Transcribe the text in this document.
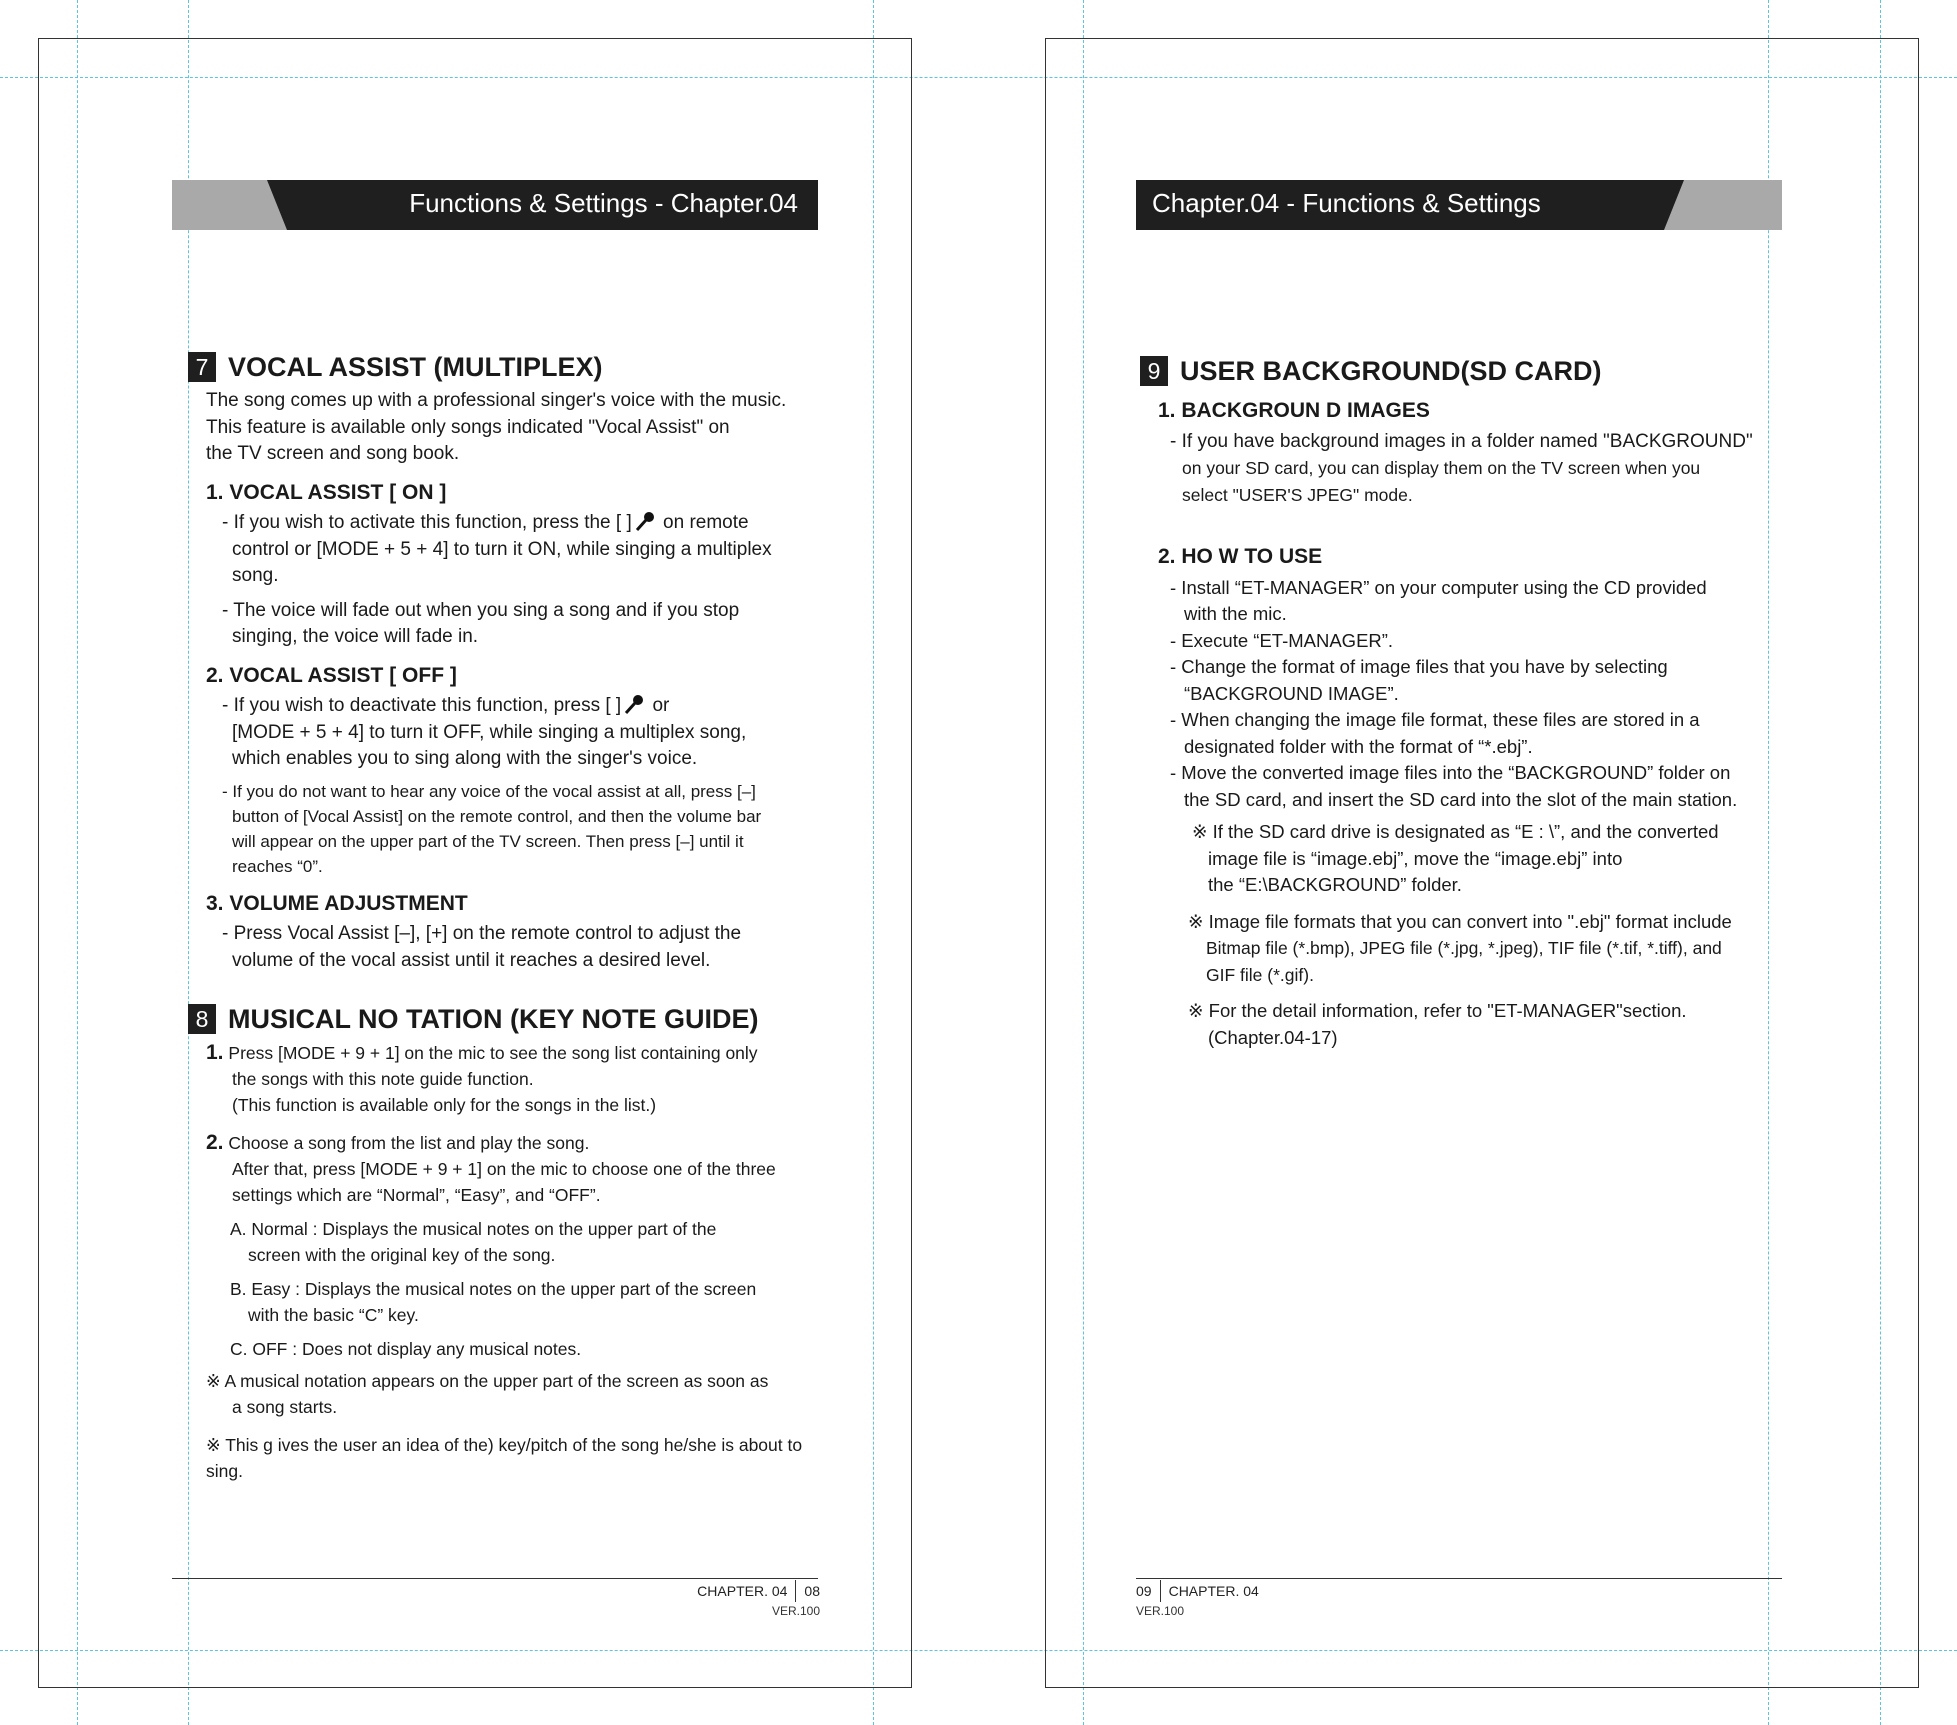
Functions & Settings - Chapter.04
7 VOCAL ASSIST (MULTIPLEX)

The song comes up with a professional singer's voice with the music.

This feature is available only songs indicated "Vocal Assist" on

the TV screen and song book.

1. VOCAL ASSIST [ ON ]

- If you wish to activate this function, press the [ ] on remote

control or [MODE + 5 + 4] to turn it ON, while singing a multiplex

song.

- The voice will fade out when you sing a song and if you stop

singing, the voice will fade in.

2. VOCAL ASSIST [ OFF ]

- If you wish to deactivate this function, press [ ] or

[MODE + 5 + 4] to turn it OFF, while singing a multiplex song,

which enables you to sing along with the singer's voice.

- If you do not want to hear any voice of the vocal assist at all, press [–]

button of [Vocal Assist] on the remote control, and then the volume bar

will appear on the upper part of the TV screen. Then press [–] until it

reaches “0”.

3. VOLUME ADJUSTMENT

- Press Vocal Assist [–], [+] on the remote control to adjust the

volume of the vocal assist until it reaches a desired level.

8 MUSICAL NO TATION (KEY NOTE GUIDE)

1. Press [MODE + 9 + 1] on the mic to see the song list containing only

the songs with this note guide function.

(This function is available only for the songs in the list.)

2. Choose a song from the list and play the song.

After that, press [MODE + 9 + 1] on the mic to choose one of the three

settings which are “Normal”, “Easy”, and “OFF”.

A. Normal : Displays the musical notes on the upper part of the

screen with the original key of the song.

B. Easy : Displays the musical notes on the upper part of the screen

with the basic “C” key.

C. OFF : Does not display any musical notes.

※ A musical notation appears on the upper part of the screen as soon as

a song starts.

※ This g ives the user an idea of the) key/pitch of the song he/she is about to sing.

CHAPTER. 04 08
VER.100
Chapter.04 - Functions & Settings
9 USER BACKGROUND(SD CARD)
1. BACKGROUN D IMAGES

- If you have background images in a folder named "BACKGROUND"

on your SD card, you can display them on the TV screen when you

select "USER'S JPEG" mode.

2. HO W TO USE

- Install “ET-MANAGER” on your computer using the CD provided

with the mic.

- Execute “ET-MANAGER”.

- Change the format of image files that you have by selecting

“BACKGROUND IMAGE”.

- When changing the image file format, these files are stored in a

designated folder with the format of “*.ebj”.

- Move the converted image files into the “BACKGROUND” folder on

the SD card, and insert the SD card into the slot of the main station.

※ If the SD card drive is designated as “E : \”, and the converted

image file is “image.ebj”, move the “image.ebj” into

the “E:\BACKGROUND” folder.

※ Image file formats that you can convert into ".ebj" format include

Bitmap file (*.bmp), JPEG file (*.jpg, *.jpeg), TIF file (*.tif, *.tiff), and

GIF file (*.gif).

※ For the detail information, refer to "ET-MANAGER"section.

(Chapter.04-17)

09 CHAPTER. 04
VER.100
